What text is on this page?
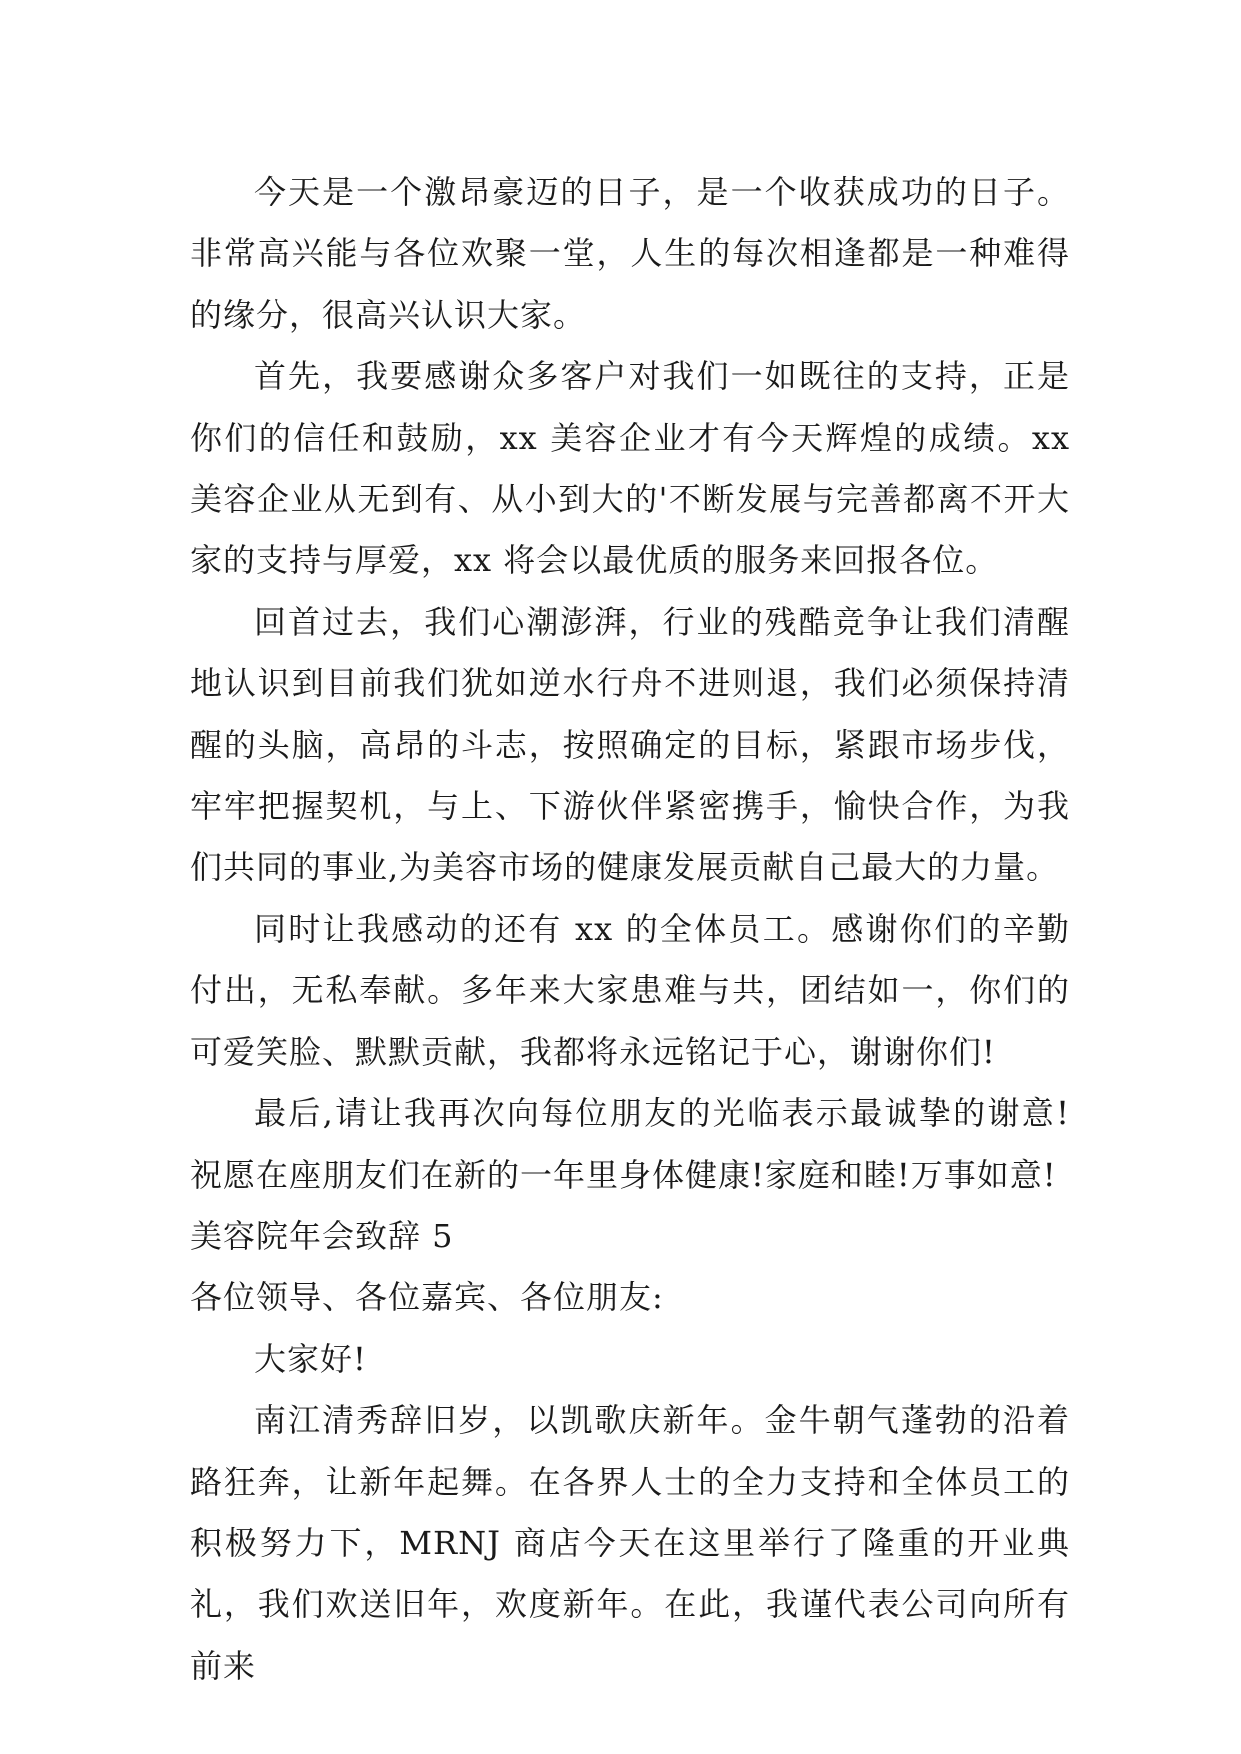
今天是一个激昂豪迈的日子，是一个收获成功的日子。非常高兴能与各位欢聚一堂，人生的每次相逢都是一种难得的缘分，很高兴认识大家。

首先，我要感谢众多客户对我们一如既往的支持，正是你们的信任和鼓励，xx 美容企业才有今天辉煌的成绩。xx 美容企业从无到有、从小到大的'不断发展与完善都离不开大家的支持与厚爱，xx 将会以最优质的服务来回报各位。

回首过去，我们心潮澎湃，行业的残酷竞争让我们清醒地认识到目前我们犹如逆水行舟不进则退，我们必须保持清醒的头脑，高昂的斗志，按照确定的目标，紧跟市场步伐，牢牢把握契机，与上、下游伙伴紧密携手，愉快合作，为我们共同的事业,为美容市场的健康发展贡献自己最大的力量。

同时让我感动的还有 xx 的全体员工。感谢你们的辛勤付出，无私奉献。多年来大家患难与共，团结如一，你们的可爱笑脸、默默贡献，我都将永远铭记于心，谢谢你们!

最后,请让我再次向每位朋友的光临表示最诚挚的谢意!祝愿在座朋友们在新的一年里身体健康!家庭和睦!万事如意!

美容院年会致辞 5

各位领导、各位嘉宾、各位朋友:

大家好!

南江清秀辞旧岁，以凯歌庆新年。金牛朝气蓬勃的沿着路狂奔，让新年起舞。在各界人士的全力支持和全体员工的积极努力下，MRNJ 商店今天在这里举行了隆重的开业典礼，我们欢送旧年，欢度新年。在此，我谨代表公司向所有前来
